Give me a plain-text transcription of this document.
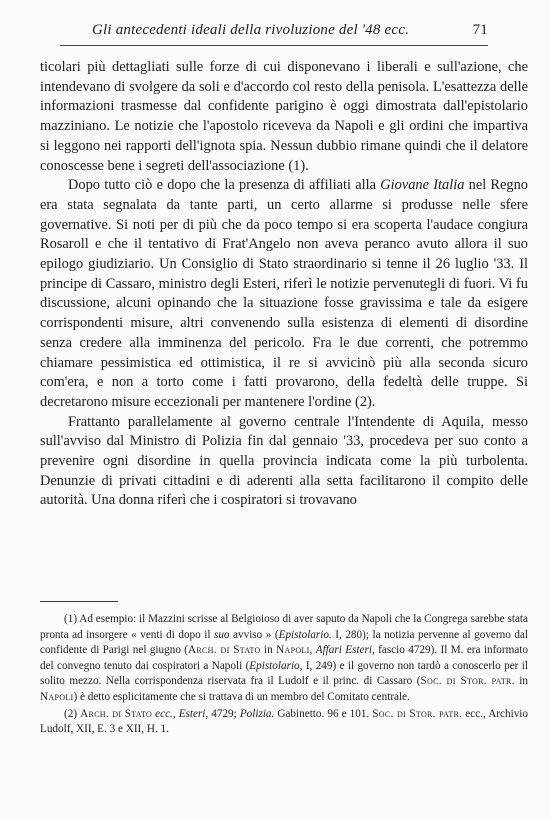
Gli antecedenti ideali della rivoluzione del '48 ecc.	71

ticolari più dettagliati sulle forze di cui disponevano i liberali e sull'azione, che intendevano di svolgere da soli e d'accordo col resto della penisola. L'esattezza delle informazioni trasmesse dal confidente parigino è oggi dimostrata dall'epistolario mazziniano. Le notizie che l'apostolo riceveva da Napoli e gli ordini che impartiva si leggono nei rapporti dell'ignota spia. Nessun dubbio rimane quindi che il delatore conoscesse bene i segreti dell'associazione (1).

Dopo tutto ciò e dopo che la presenza di affiliati alla Giovane Italia nel Regno era stata segnalata da tante parti, un certo allarme si produsse nelle sfere governative. Si noti per di più che da poco tempo si era scoperta l'audace congiura Rosaroll e che il tentativo di Frat'Angelo non aveva peranco avuto allora il suo epilogo giudiziario. Un Consiglio di Stato straordinario si tenne il 26 luglio '33. Il principe di Cassaro, ministro degli Esteri, riferì le notizie pervenutegli di fuori. Vi fu discussione, alcuni opinando che la situazione fosse gravissima e tale da esigere corrispondenti misure, altri convenendo sulla esistenza di elementi di disordine senza credere alla imminenza del pericolo. Fra le due correnti, che potremmo chiamare pessimistica ed ottimistica, il re si avvicinò più alla seconda sicuro com'era, e non a torto come i fatti provarono, della fedeltà delle truppe. Si decretarono misure eccezionali per mantenere l'ordine (2).

Frattanto parallelamente al governo centrale l'Intendente di Aquila, messo sull'avviso dal Ministro di Polizia fin dal gennaio '33, procedeva per suo conto a prevenire ogni disordine in quella provincia indicata come la più turbolenta. Denunzie di privati cittadini e di aderenti alla setta facilitarono il compito delle autorità. Una donna riferì che i cospiratori si trovavano

(1) Ad esempio: il Mazzini scrisse al Belgioioso di aver saputo da Napoli che la Congrega sarebbe stata pronta ad insorgere « venti di dopo il suo avviso » (Epistolario. I, 280); la notizia pervenne al governo dal confidente di Parigi nel giugno (Arch. di Stato in Napoli, Affari Esteri, fascio 4729). Il M. era informato del convegno tenuto dai cospiratori a Napoli (Epistolario, I, 249) e il governo non tardò a conoscerlo per il solito mezzo. Nella corrispondenza riservata fra il Ludolf e il princ. di Cassaro (Soc. di Stor. patr. in Napoli) è detto esplicitamente che si trattava di un membro del Comitato centrale.

(2) Arch. di Stato ecc., Esteri, 4729; Polizia. Gabinetto. 96 e 101. Soc. di Stor. patr. ecc., Archivio Ludolf, XII, E. 3 e XII, H. 1.
